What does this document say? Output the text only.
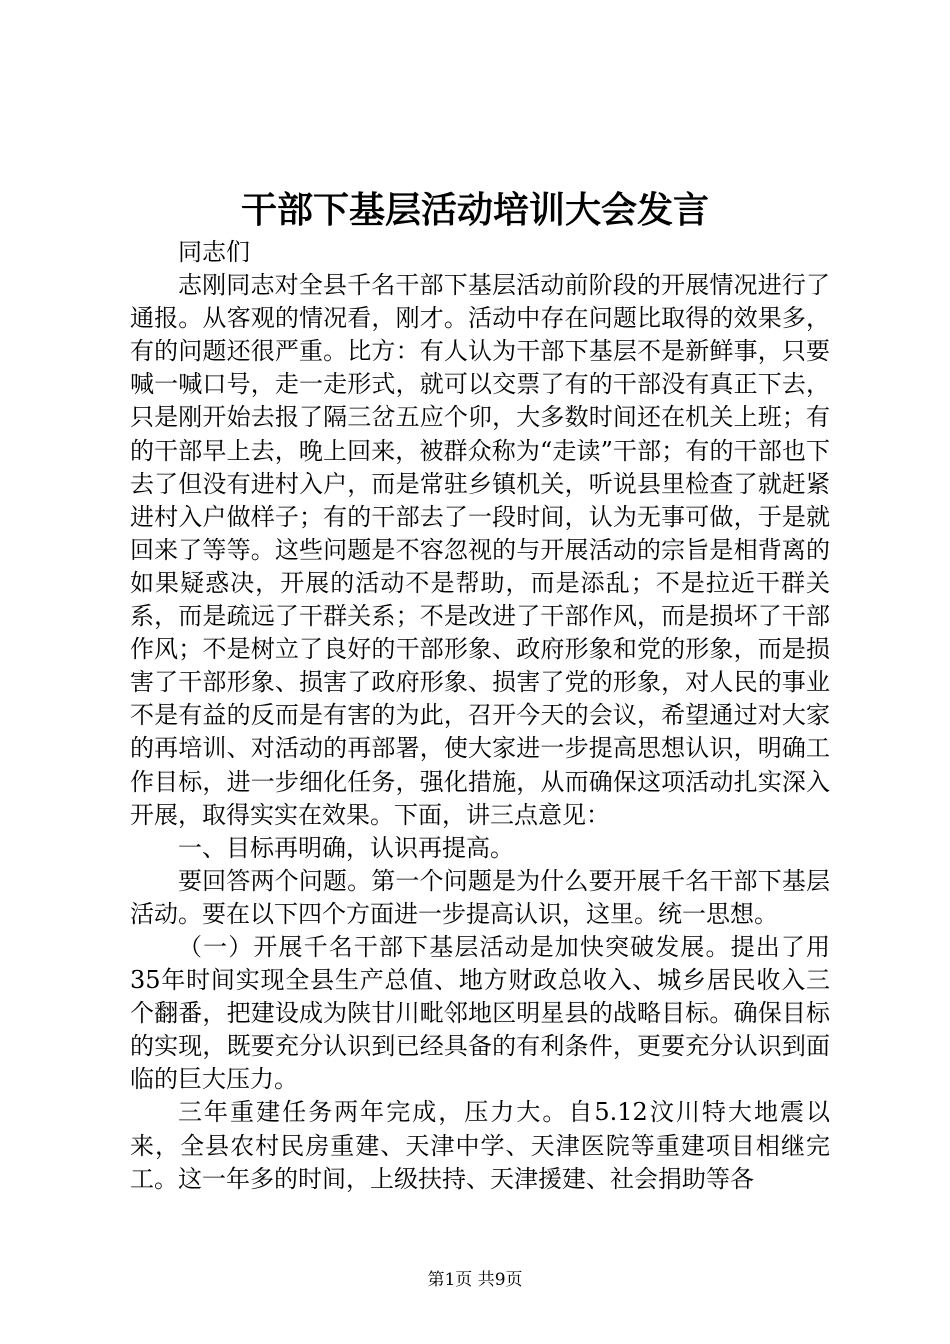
干部下基层活动培训大会发言

同志们

志刚同志对全县千名干部下基层活动前阶段的开展情况进行了通报。从客观的情况看，刚才。活动中存在问题比取得的效果多，有的问题还很严重。比方：有人认为干部下基层不是新鲜事，只要喊一喊口号，走一走形式，就可以交票了有的干部没有真正下去，只是刚开始去报了隔三岔五应个卯，大多数时间还在机关上班；有的干部早上去，晚上回来，被群众称为“走读”干部；有的干部也下去了但没有进村入户，而是常驻乡镇机关，听说县里检查了就赶紧进村入户做样子；有的干部去了一段时间，认为无事可做，于是就回来了等等。这些问题是不容忽视的与开展活动的宗旨是相背离的如果疑惑决，开展的活动不是帮助，而是添乱；不是拉近干群关系，而是疏远了干群关系；不是改进了干部作风，而是损坏了干部作风；不是树立了良好的干部形象、政府形象和党的形象，而是损害了干部形象、损害了政府形象、损害了党的形象，对人民的事业不是有益的反而是有害的为此，召开今天的会议，希望通过对大家的再培训、对活动的再部署，使大家进一步提高思想认识，明确工作目标，进一步细化任务，强化措施，从而确保这项活动扎实深入开展，取得实实在效果。下面，讲三点意见：

一、目标再明确，认识再提高。

要回答两个问题。第一个问题是为什么要开展千名干部下基层活动。要在以下四个方面进一步提高认识，这里。统一思想。

（一）开展千名干部下基层活动是加快突破发展。提出了用35年时间实现全县生产总值、地方财政总收入、城乡居民收入三个翻番，把建设成为陕甘川毗邻地区明星县的战略目标。确保目标的实现，既要充分认识到已经具备的有利条件，更要充分认识到面临的巨大压力。

三年重建任务两年完成，压力大。自5.12汶川特大地震以来，全县农村民房重建、天津中学、天津医院等重建项目相继完工。这一年多的时间，上级扶持、天津援建、社会捐助等各

第1页 共9页
